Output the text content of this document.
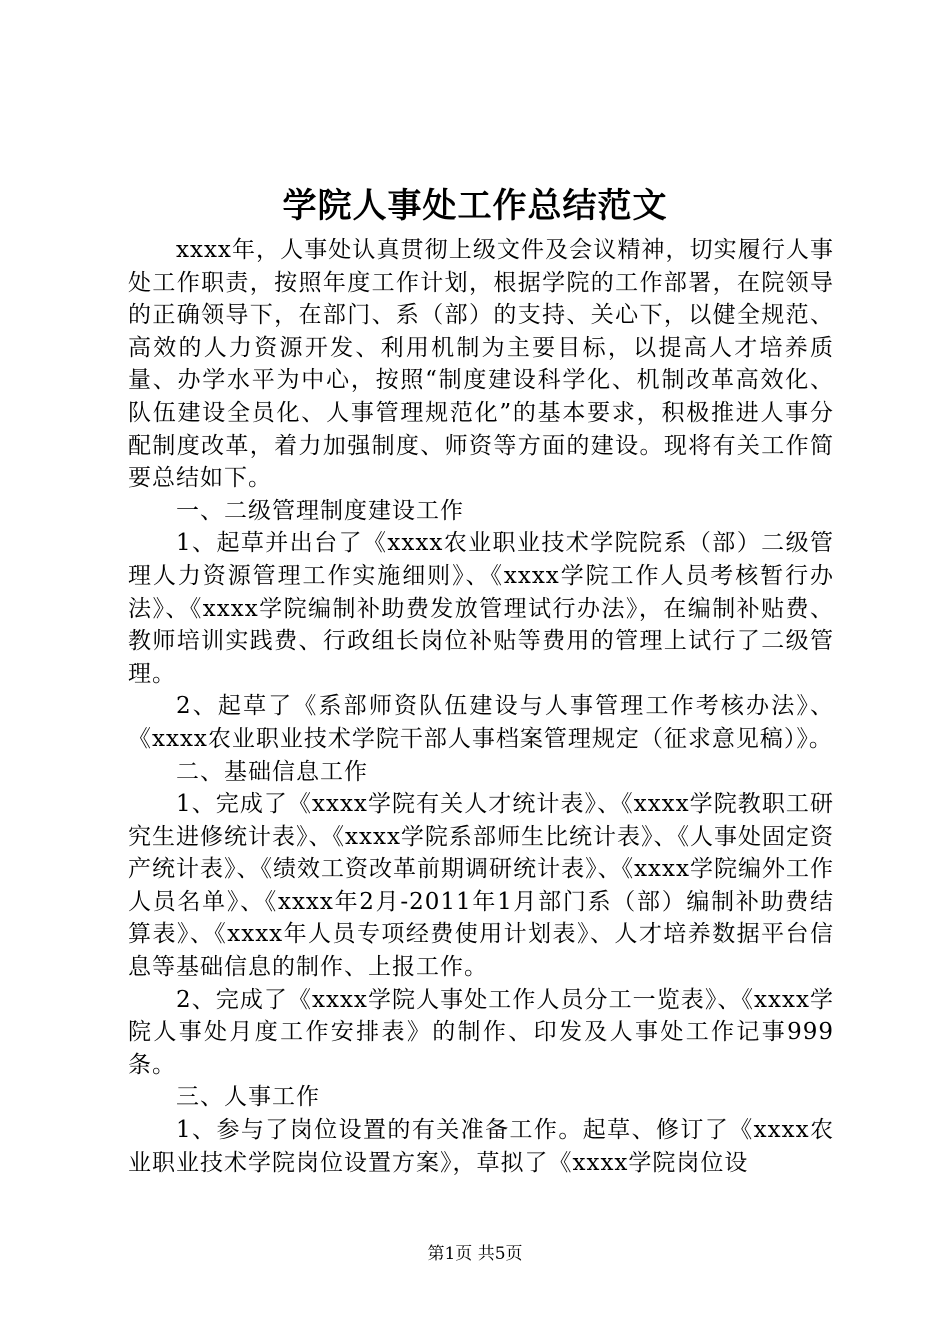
学院人事处工作总结范文

xxxx年，人事处认真贯彻上级文件及会议精神，切实履行人事处工作职责，按照年度工作计划，根据学院的工作部署，在院领导的正确领导下，在部门、系（部）的支持、关心下，以健全规范、高效的人力资源开发、利用机制为主要目标，以提高人才培养质量、办学水平为中心，按照“制度建设科学化、机制改革高效化、队伍建设全员化、人事管理规范化”的基本要求，积极推进人事分配制度改革，着力加强制度、师资等方面的建设。现将有关工作简要总结如下。

一、二级管理制度建设工作

1、起草并出台了《xxxx农业职业技术学院院系（部）二级管理人力资源管理工作实施细则》、《xxxx学院工作人员考核暂行办法》、《xxxx学院编制补助费发放管理试行办法》，在编制补贴费、教师培训实践费、行政组长岗位补贴等费用的管理上试行了二级管理。

2、起草了《系部师资队伍建设与人事管理工作考核办法》、《xxxx农业职业技术学院干部人事档案管理规定（征求意见稿）》。

二、基础信息工作

1、完成了《xxxx学院有关人才统计表》、《xxxx学院教职工研究生进修统计表》、《xxxx学院系部师生比统计表》、《人事处固定资产统计表》、《绩效工资改革前期调研统计表》、《xxxx学院编外工作人员名单》、《xxxx年2月-2011年1月部门系（部）编制补助费结算表》、《xxxx年人员专项经费使用计划表》、人才培养数据平台信息等基础信息的制作、上报工作。

2、完成了《xxxx学院人事处工作人员分工一览表》、《xxxx学院人事处月度工作安排表》的制作、印发及人事处工作记事999条。

三、人事工作

1、参与了岗位设置的有关准备工作。起草、修订了《xxxx农业职业技术学院岗位设置方案》，草拟了《xxxx学院岗位设

第1页 共5页
